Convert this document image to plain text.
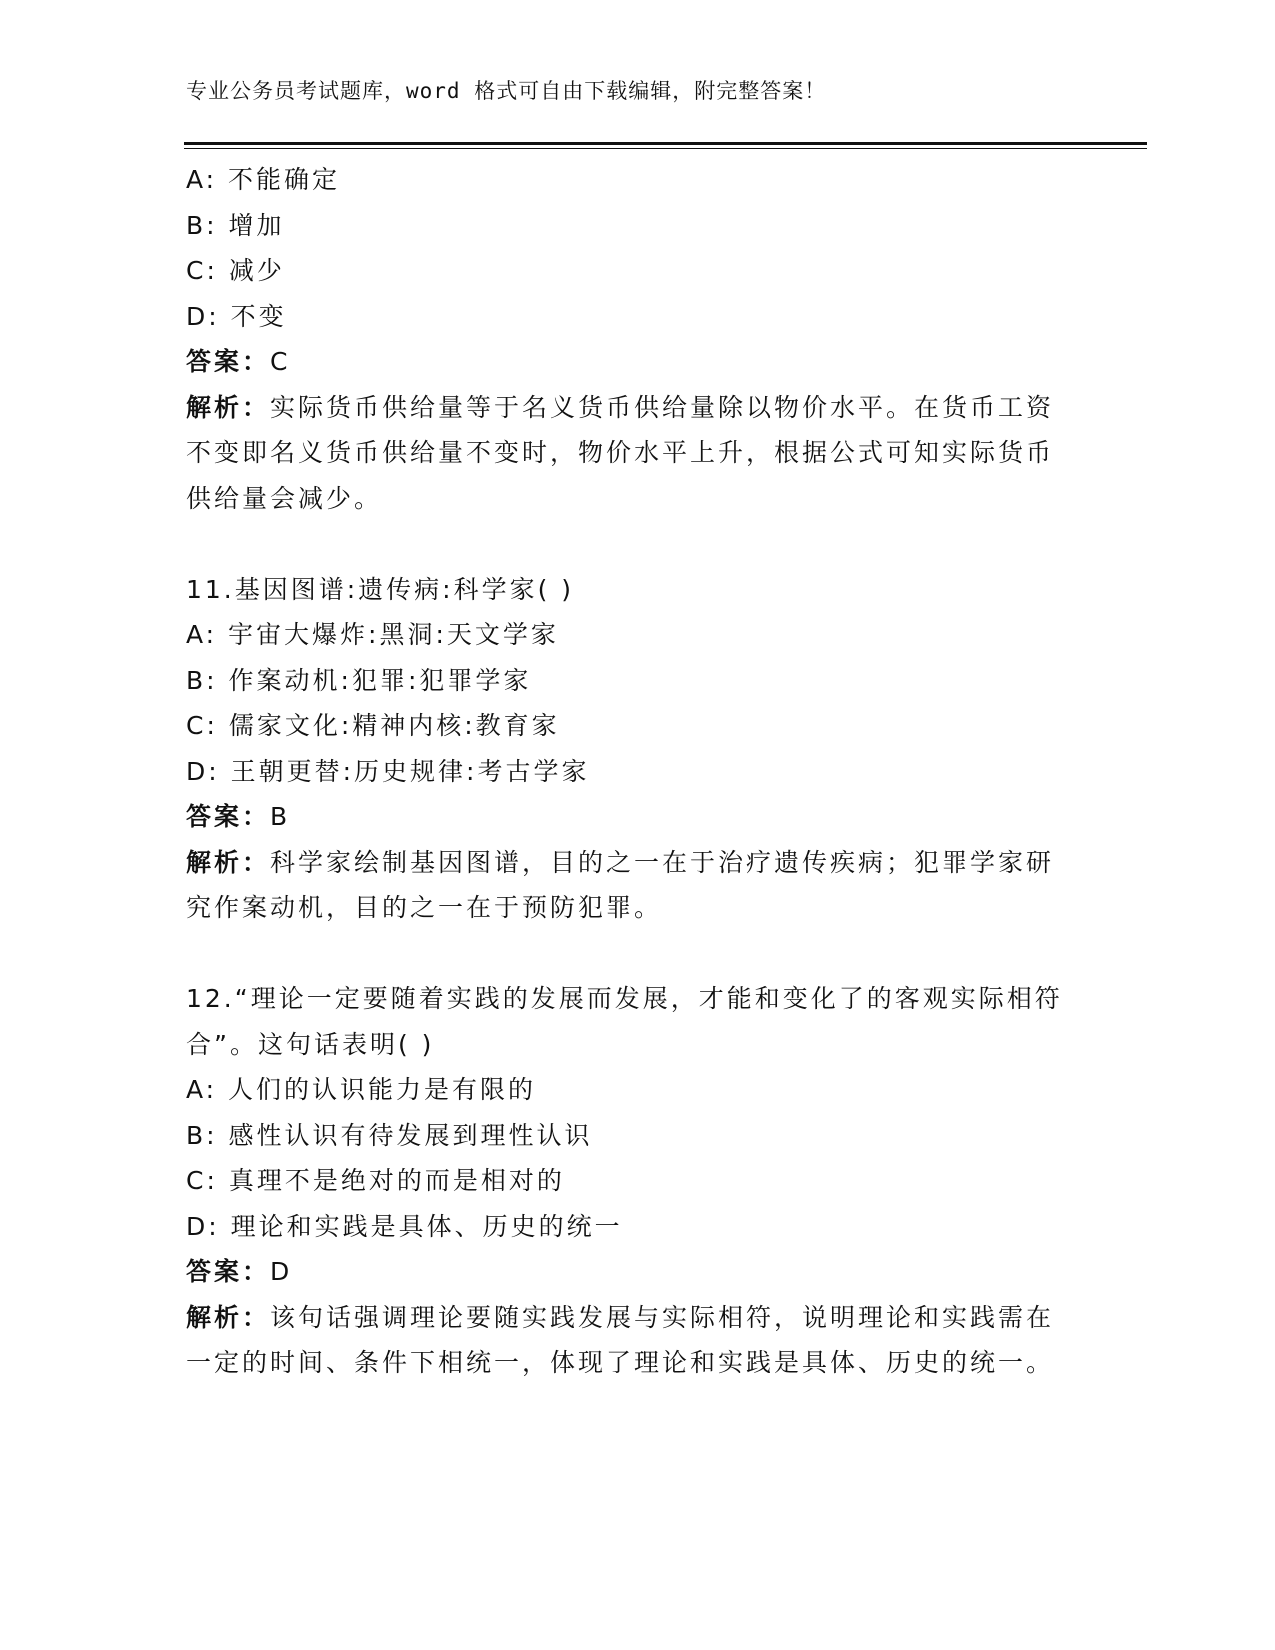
专业公务员考试题库，word 格式可自由下载编辑，附完整答案！
A: 不能确定
B: 增加
C: 减少
D: 不变
答案：C
解析：实际货币供给量等于名义货币供给量除以物价水平。在货币工资不变即名义货币供给量不变时，物价水平上升，根据公式可知实际货币供给量会减少。
11.基因图谱:遗传病:科学家( )
A: 宇宙大爆炸:黑洞:天文学家
B: 作案动机:犯罪:犯罪学家
C: 儒家文化:精神内核:教育家
D: 王朝更替:历史规律:考古学家
答案：B
解析：科学家绘制基因图谱，目的之一在于治疗遗传疾病；犯罪学家研究作案动机，目的之一在于预防犯罪。
12.“理论一定要随着实践的发展而发展，才能和变化了的客观实际相符合”。这句话表明( )
A: 人们的认识能力是有限的
B: 感性认识有待发展到理性认识
C: 真理不是绝对的而是相对的
D: 理论和实践是具体、历史的统一
答案：D
解析：该句话强调理论要随实践发展与实际相符，说明理论和实践需在一定的时间、条件下相统一，体现了理论和实践是具体、历史的统一。
